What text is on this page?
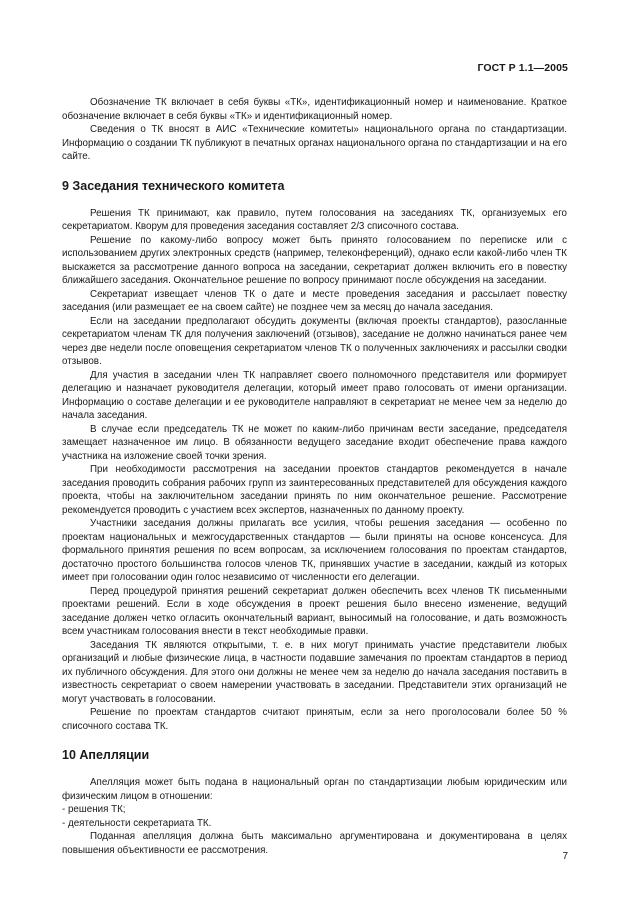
ГОСТ Р 1.1—2005

Обозначение ТК включает в себя буквы «ТК», идентификационный номер и наименование. Краткое обозначение включает в себя буквы «ТК» и идентификационный номер.

Сведения о ТК вносят в АИС «Технические комитеты» национального органа по стандартизации. Информацию о создании ТК публикуют в печатных органах национального органа по стандартизации и на его сайте.

9 Заседания технического комитета

Решения ТК принимают, как правило, путем голосования на заседаниях ТК, организуемых его секретариатом. Кворум для проведения заседания составляет 2/3 списочного состава.

Решение по какому-либо вопросу может быть принято голосованием по переписке или с использованием других электронных средств (например, телеконференций), однако если какой-либо член ТК выскажется за рассмотрение данного вопроса на заседании, секретариат должен включить его в повестку ближайшего заседания. Окончательное решение по вопросу принимают после обсуждения на заседании.

Секретариат извещает членов ТК о дате и месте проведения заседания и рассылает повестку заседания (или размещает ее на своем сайте) не позднее чем за месяц до начала заседания.

Если на заседании предполагают обсудить документы (включая проекты стандартов), разосланные секретариатом членам ТК для получения заключений (отзывов), заседание не должно начинаться ранее чем через две недели после оповещения секретариатом членов ТК о полученных заключениях и рассылки сводки отзывов.

Для участия в заседании член ТК направляет своего полномочного представителя или формирует делегацию и назначает руководителя делегации, который имеет право голосовать от имени организации. Информацию о составе делегации и ее руководителе направляют в секретариат не менее чем за неделю до начала заседания.

В случае если председатель ТК не может по каким-либо причинам вести заседание, председателя замещает назначенное им лицо. В обязанности ведущего заседание входит обеспечение права каждого участника на изложение своей точки зрения.

При необходимости рассмотрения на заседании проектов стандартов рекомендуется в начале заседания проводить собрания рабочих групп из заинтересованных представителей для обсуждения каждого проекта, чтобы на заключительном заседании принять по ним окончательное решение. Рассмотрение рекомендуется проводить с участием всех экспертов, назначенных по данному проекту.

Участники заседания должны прилагать все усилия, чтобы решения заседания — особенно по проектам национальных и межгосударственных стандартов — были приняты на основе консенсуса. Для формального принятия решения по всем вопросам, за исключением голосования по проектам стандартов, достаточно простого большинства голосов членов ТК, принявших участие в заседании, каждый из которых имеет при голосовании один голос независимо от численности его делегации.

Перед процедурой принятия решений секретариат должен обеспечить всех членов ТК письменными проектами решений. Если в ходе обсуждения в проект решения было внесено изменение, ведущий заседание должен четко огласить окончательный вариант, выносимый на голосование, и дать возможность всем участникам голосования внести в текст необходимые правки.

Заседания ТК являются открытыми, т. е. в них могут принимать участие представители любых организаций и любые физические лица, в частности подавшие замечания по проектам стандартов в период их публичного обсуждения. Для этого они должны не менее чем за неделю до начала заседания поставить в известность секретариат о своем намерении участвовать в заседании. Представители этих организаций не могут участвовать в голосовании.

Решение по проектам стандартов считают принятым, если за него проголосовали более 50 % списочного состава ТК.

10 Апелляции

Апелляция может быть подана в национальный орган по стандартизации любым юридическим или физическим лицом в отношении:

- решения ТК;
- деятельности секретариата ТК.

Поданная апелляция должна быть максимально аргументирована и документирована в целях повышения объективности ее рассмотрения.

7
